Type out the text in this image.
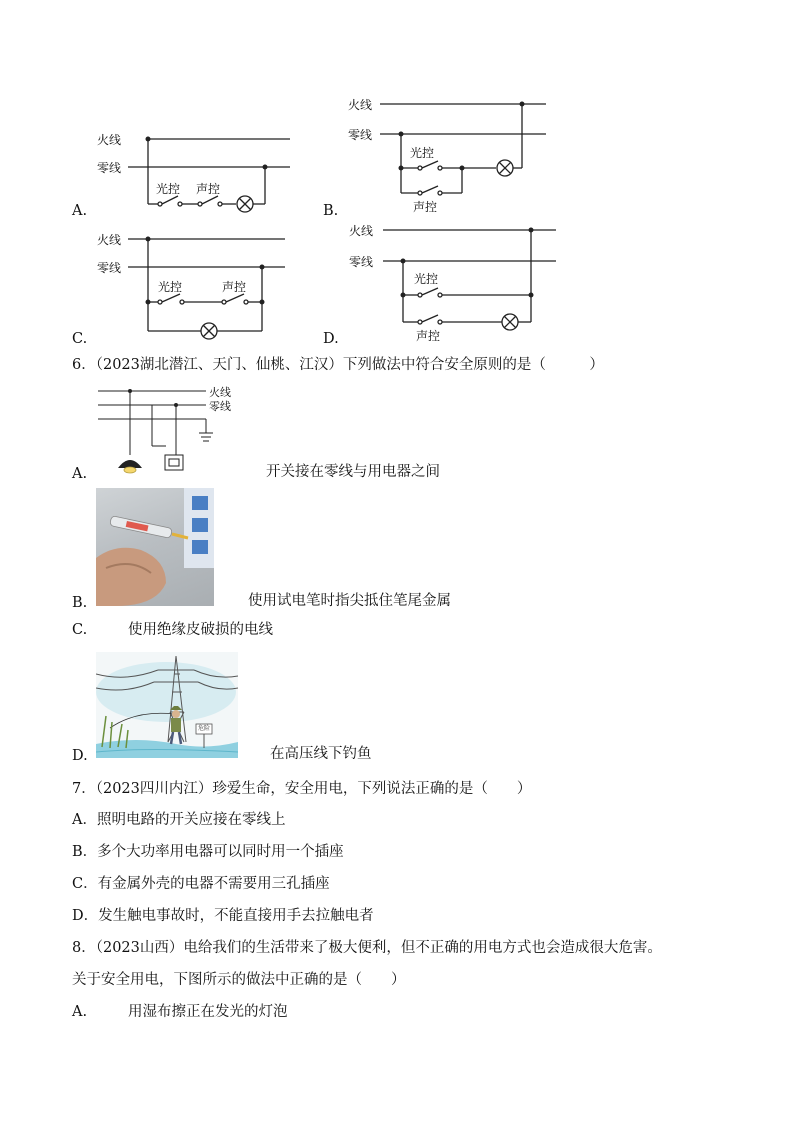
火线
零线
光控 声控
A.
火线
零线
光控
声控
B.
火线
零线
光控	声控
C.
火线
零线
光控
声控
D.
6．（2023湖北潜江、天门、仙桃、江汉）下列做法中符合安全原则的是（　　　）
火线
零线
A.	开关接在零线与用电器之间
B.	使用试电笔时指尖抵住笔尾金属
C.	使用绝缘皮破损的电线
危险
D.	在高压线下钓鱼
7．（2023四川内江）珍爱生命，安全用电，下列说法正确的是（　　）
A．照明电路的开关应接在零线上
B．多个大功率用电器可以同时用一个插座
C．有金属外壳的电器不需要用三孔插座
D．发生触电事故时，不能直接用手去拉触电者
8．（2023山西）电给我们的生活带来了极大便利，但不正确的用电方式也会造成很大危害。
关于安全用电，下图所示的做法中正确的是（　　）
A.	用湿布擦正在发光的灯泡
